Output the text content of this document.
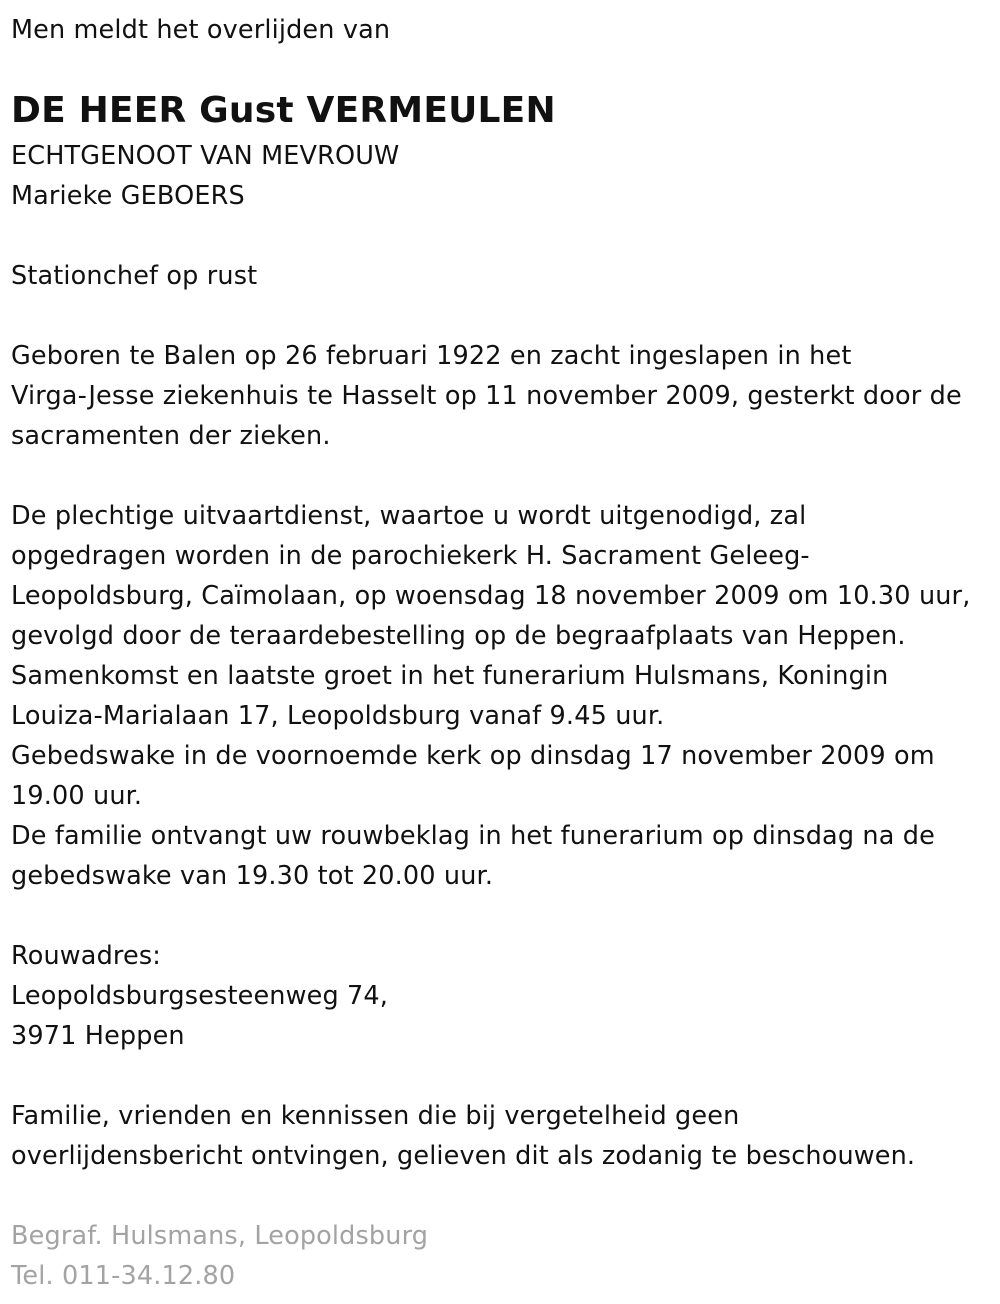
Men meldt het overlijden van

DE HEER Gust VERMEULEN

ECHTGENOOT VAN MEVROUW

Marieke GEBOERS

Stationchef op rust

Geboren te Balen op 26 februari 1922 en zacht ingeslapen in het

Virga-Jesse ziekenhuis te Hasselt op 11 november 2009, gesterkt door de

sacramenten der zieken.

De plechtige uitvaartdienst, waartoe u wordt uitgenodigd, zal

opgedragen worden in de parochiekerk H. Sacrament Geleeg-

Leopoldsburg, Caïmolaan, op woensdag 18 november 2009 om 10.30 uur,

gevolgd door de teraardebestelling op de begraafplaats van Heppen.

Samenkomst en laatste groet in het funerarium Hulsmans, Koningin

Louiza-Marialaan 17, Leopoldsburg vanaf 9.45 uur.

Gebedswake in de voornoemde kerk op dinsdag 17 november 2009 om

19.00 uur.

De familie ontvangt uw rouwbeklag in het funerarium op dinsdag na de

gebedswake van 19.30 tot 20.00 uur.

Rouwadres:

Leopoldsburgsesteenweg 74,

3971 Heppen

Familie, vrienden en kennissen die bij vergetelheid geen

overlijdensbericht ontvingen, gelieven dit als zodanig te beschouwen.

Begraf. Hulsmans, Leopoldsburg

Tel. 011-34.12.80
